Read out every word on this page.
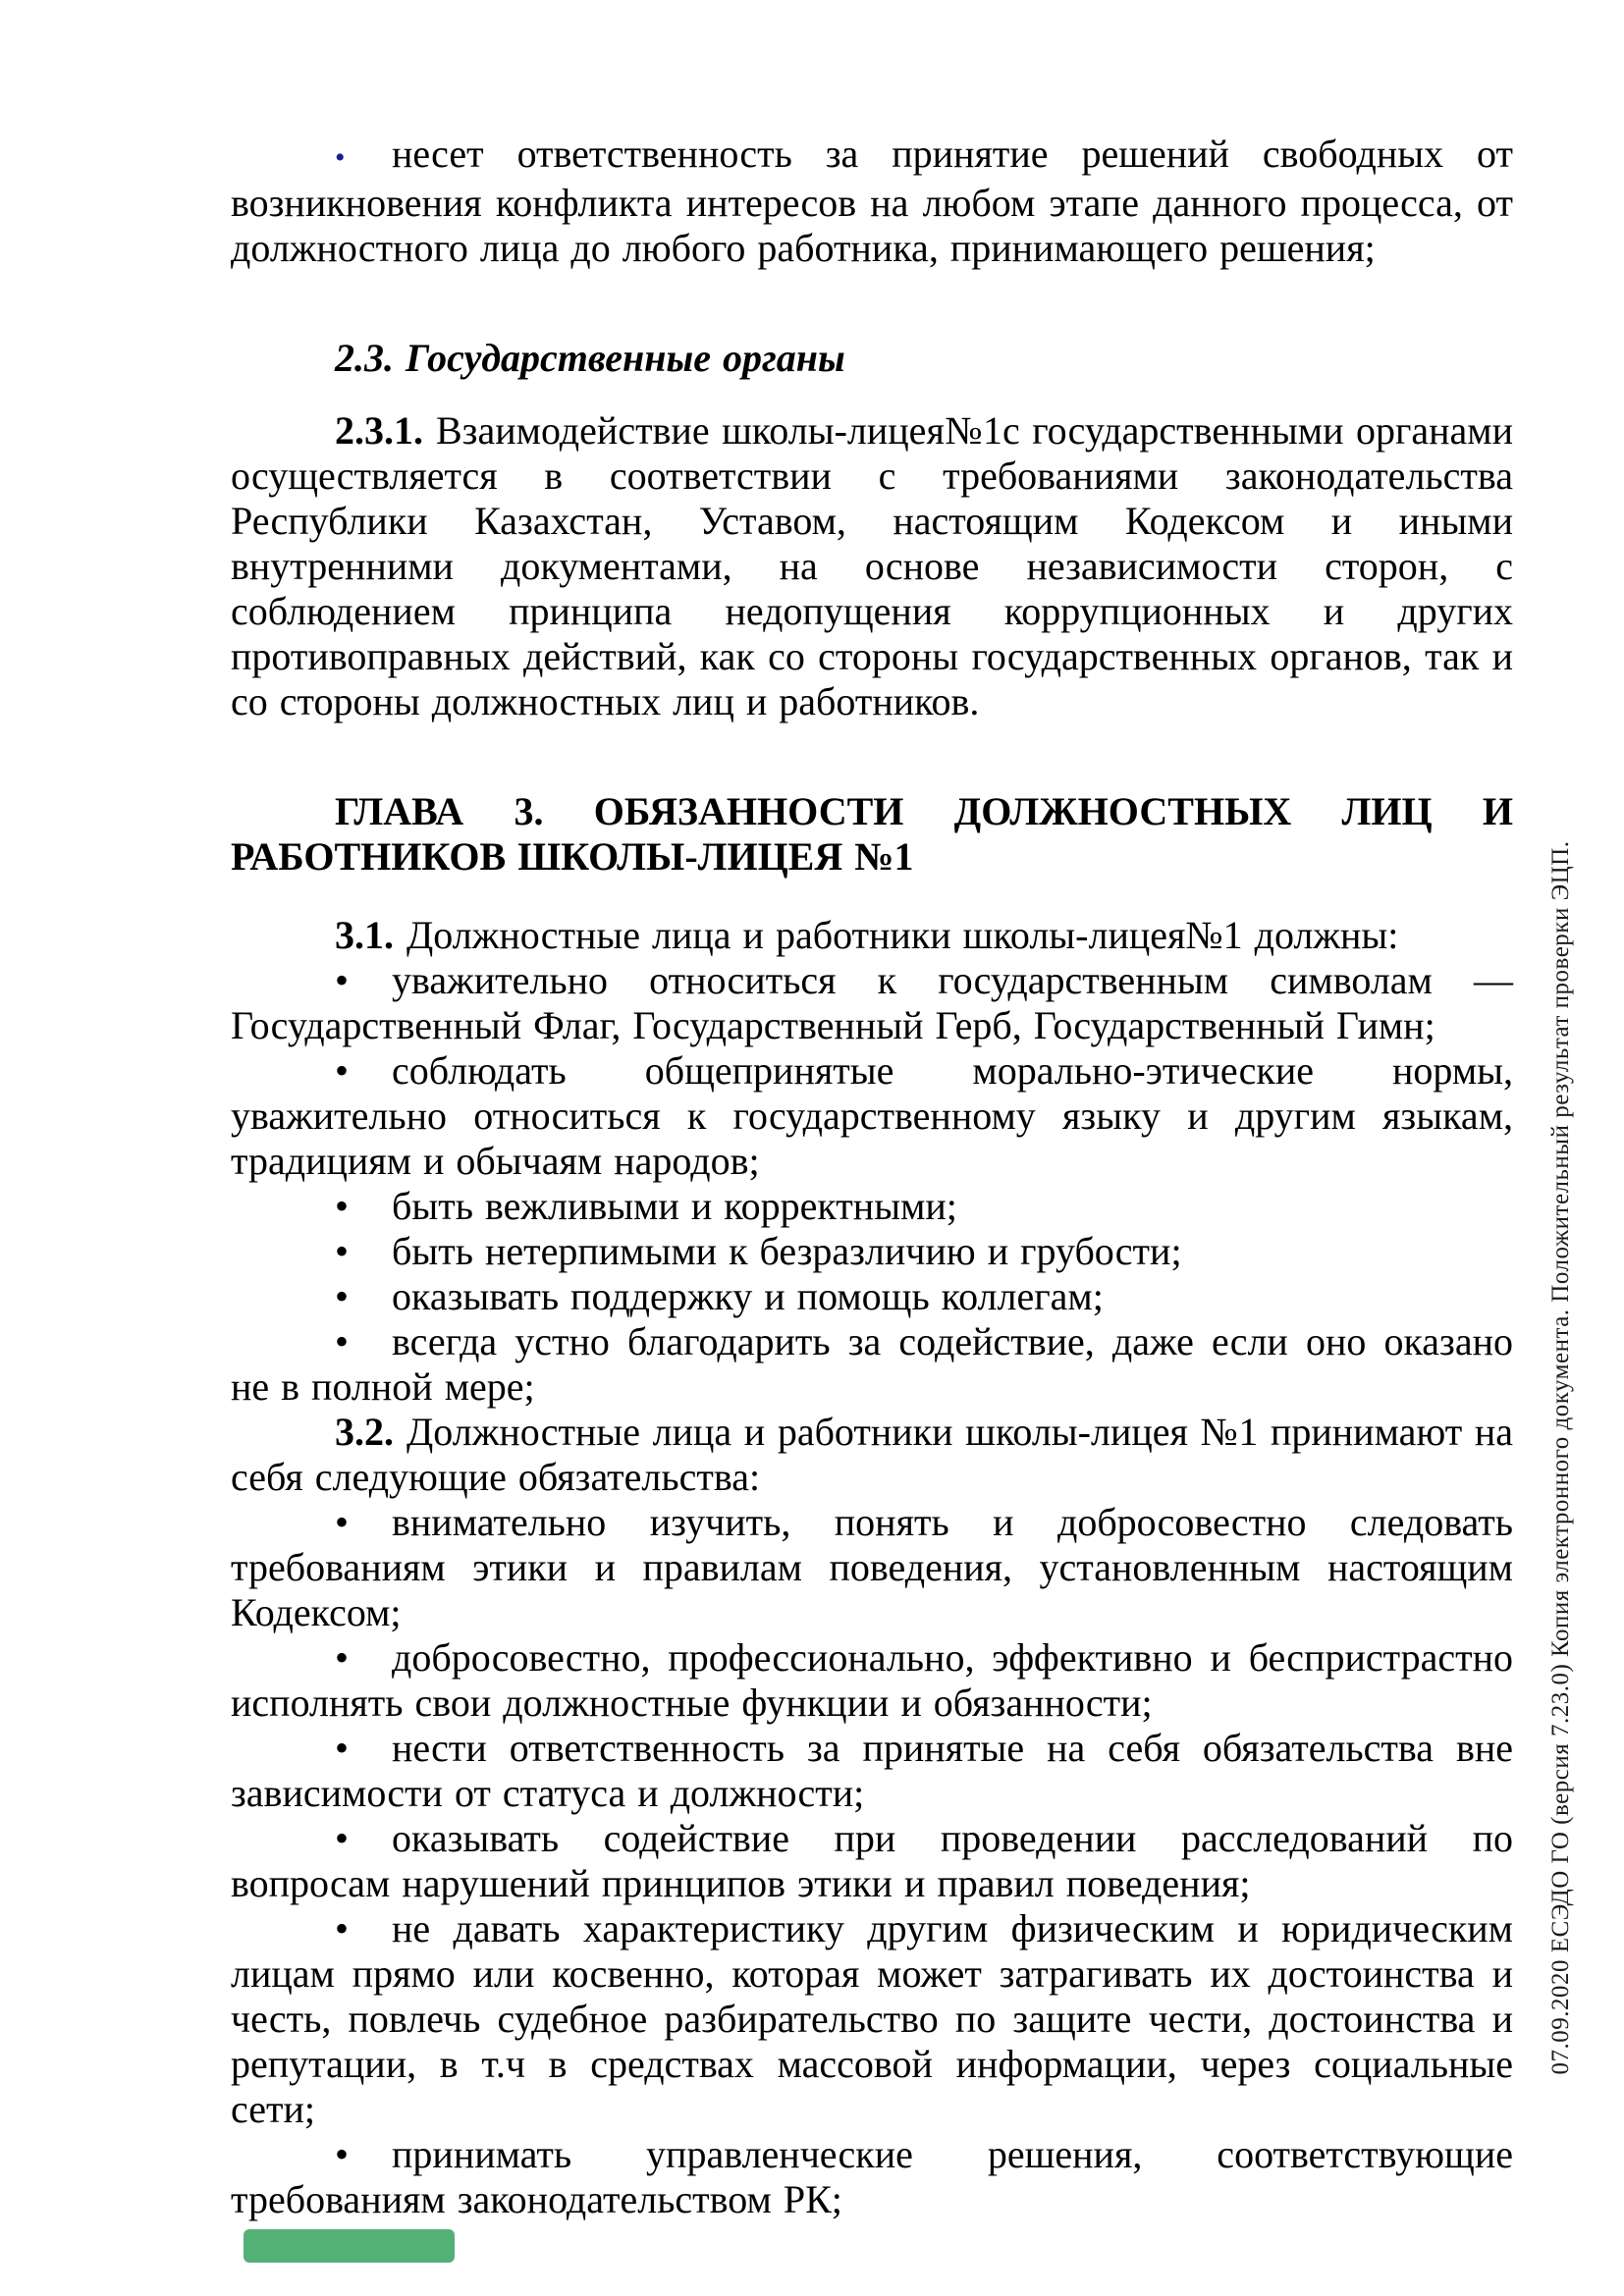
• несет ответственность за принятие решений свободных от возникновения конфликта интересов на любом этапе данного процесса, от должностного лица до любого работника, принимающего решения;

2.3. Государственные органы

2.3.1. Взаимодействие школы-лицея№1с государственными органами осуществляется в соответствии с требованиями законодательства Республики Казахстан, Уставом, настоящим Кодексом и иными внутренними документами, на основе независимости сторон, с соблюдением принципа недопущения коррупционных и других противоправных действий, как со стороны государственных органов, так и со стороны должностных лиц и работников.

ГЛАВА 3. ОБЯЗАННОСТИ ДОЛЖНОСТНЫХ ЛИЦ И РАБОТНИКОВ ШКОЛЫ-ЛИЦЕЯ №1

3.1. Должностные лица и работники школы-лицея№1 должны:

• уважительно относиться к государственным символам — Государственный Флаг, Государственный Герб, Государственный Гимн;

• соблюдать общепринятые морально-этические нормы, уважительно относиться к государственному языку и другим языкам, традициям и обычаям народов;

• быть вежливыми и корректными;

• быть нетерпимыми к безразличию и грубости;

• оказывать поддержку и помощь коллегам;

• всегда устно благодарить за содействие, даже если оно оказано не в полной мере;

3.2. Должностные лица и работники школы-лицея №1 принимают на себя следующие обязательства:

• внимательно изучить, понять и добросовестно следовать требованиям этики и правилам поведения, установленным настоящим Кодексом;

• добросовестно, профессионально, эффективно и беспристрастно исполнять свои должностные функции и обязанности;

• нести ответственность за принятые на себя обязательства вне зависимости от статуса и должности;

• оказывать содействие при проведении расследований по вопросам нарушений принципов этики и правил поведения;

• не давать характеристику другим физическим и юридическим лицам прямо или косвенно, которая может затрагивать их достоинства и честь, повлечь судебное разбирательство по защите чести, достоинства и репутации, в т.ч в средствах массовой информации, через социальные сети;

• принимать управленческие решения, соответствующие требованиям законодательством РК;

07.09.2020 ЕСЭДО ГО (версия 7.23.0) Копия электронного документа. Положительный результат проверки ЭЦП.
